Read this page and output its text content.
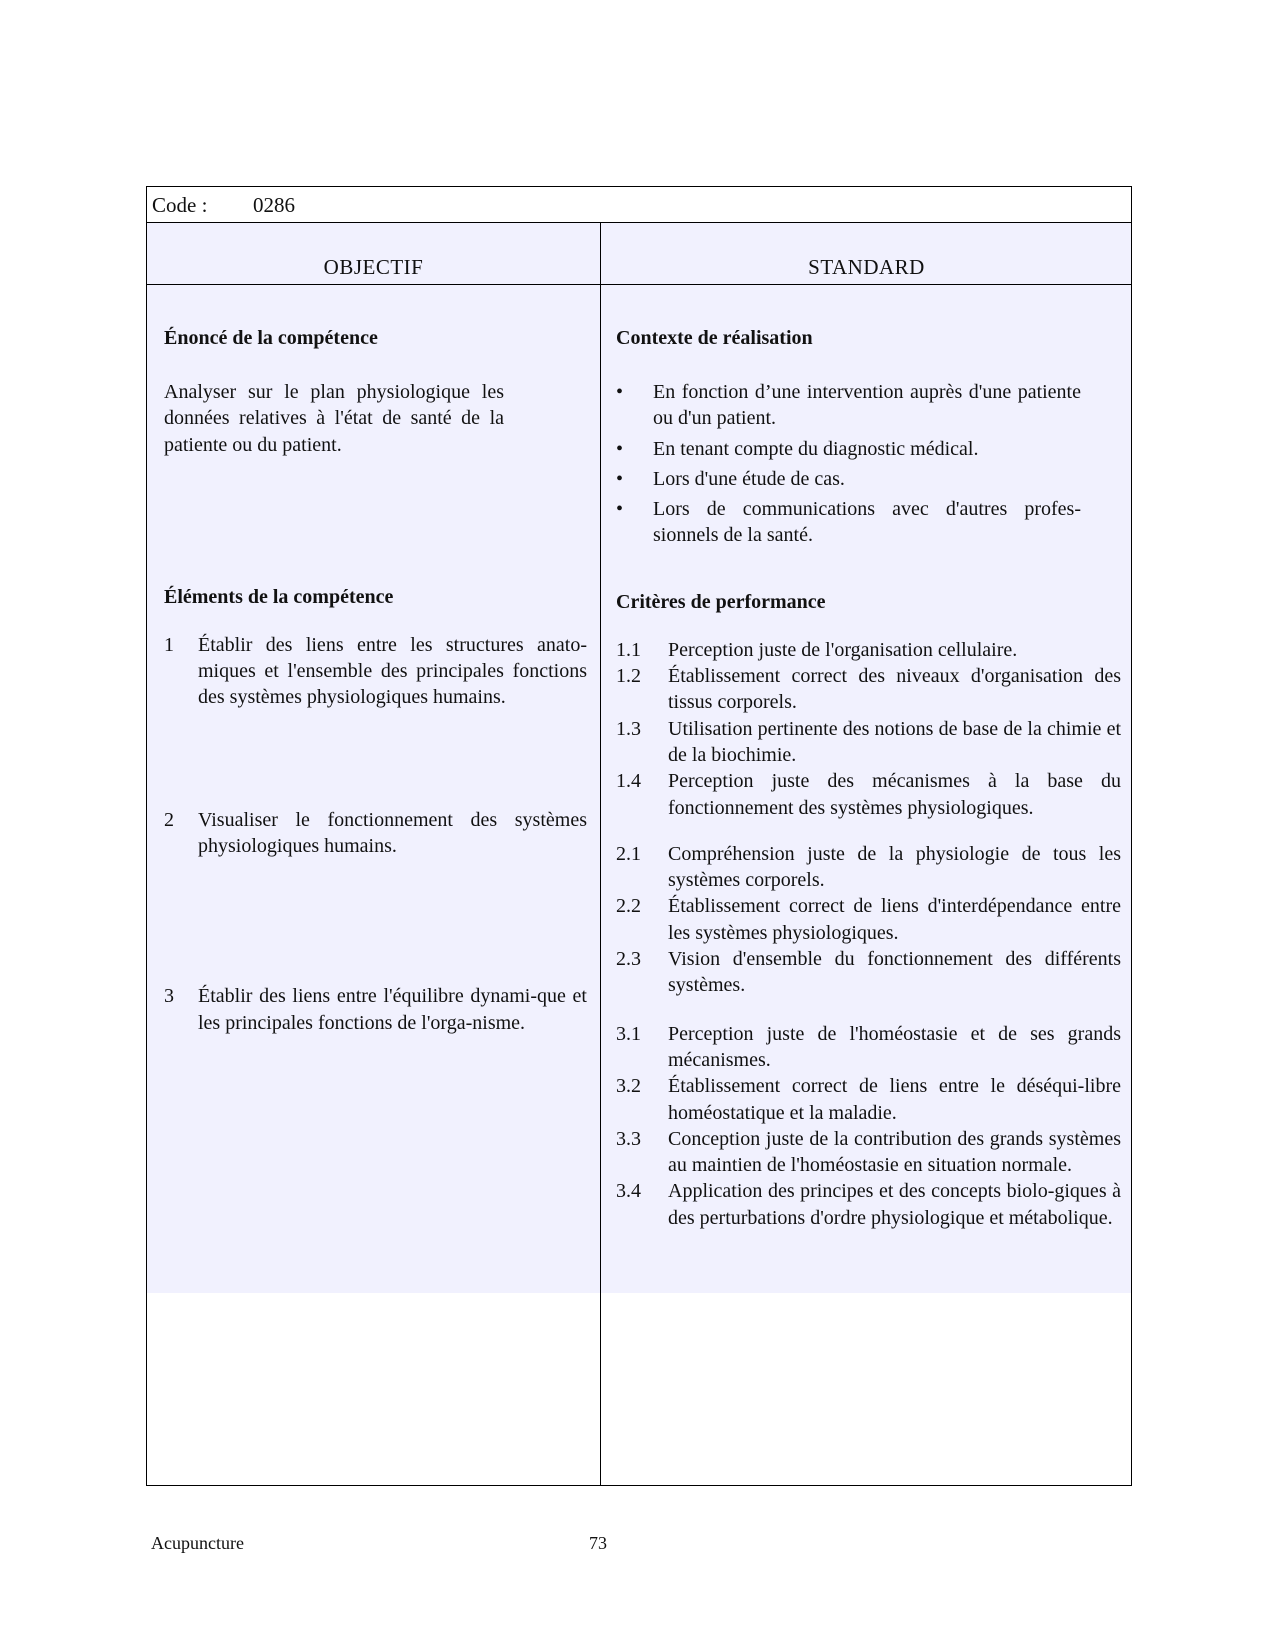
Code : 0286
OBJECTIF	STANDARD
Énoncé de la compétence

Analyser sur le plan physiologique les données relatives à l'état de santé de la patiente ou du patient.

Éléments de la compétence
1 Établir des liens entre les structures anato-miques et l'ensemble des principales fonctions des systèmes physiologiques humains.
2 Visualiser le fonctionnement des systèmes physiologiques humains.
3 Établir des liens entre l'équilibre dynami-que et les principales fonctions de l'orga-nisme.
Contexte de réalisation
• En fonction d’une intervention auprès d'une patiente ou d'un patient.
• En tenant compte du diagnostic médical.
• Lors d'une étude de cas.
• Lors de communications avec d'autres profes-sionnels de la santé.
Critères de performance
1.1 Perception juste de l'organisation cellulaire.
1.2 Établissement correct des niveaux d'organisation des tissus corporels.
1.3 Utilisation pertinente des notions de base de la chimie et de la biochimie.
1.4 Perception juste des mécanismes à la base du fonctionnement des systèmes physiologiques.
2.1 Compréhension juste de la physiologie de tous les systèmes corporels.
2.2 Établissement correct de liens d'interdépendance entre les systèmes physiologiques.
2.3 Vision d'ensemble du fonctionnement des différents systèmes.
3.1 Perception juste de l'homéostasie et de ses grands mécanismes.
3.2 Établissement correct de liens entre le déséqui-libre homéostatique et la maladie.
3.3 Conception juste de la contribution des grands systèmes au maintien de l'homéostasie en situation normale.
3.4 Application des principes et des concepts biolo-giques à des perturbations d'ordre physiologique et métabolique.
Acupuncture	73
